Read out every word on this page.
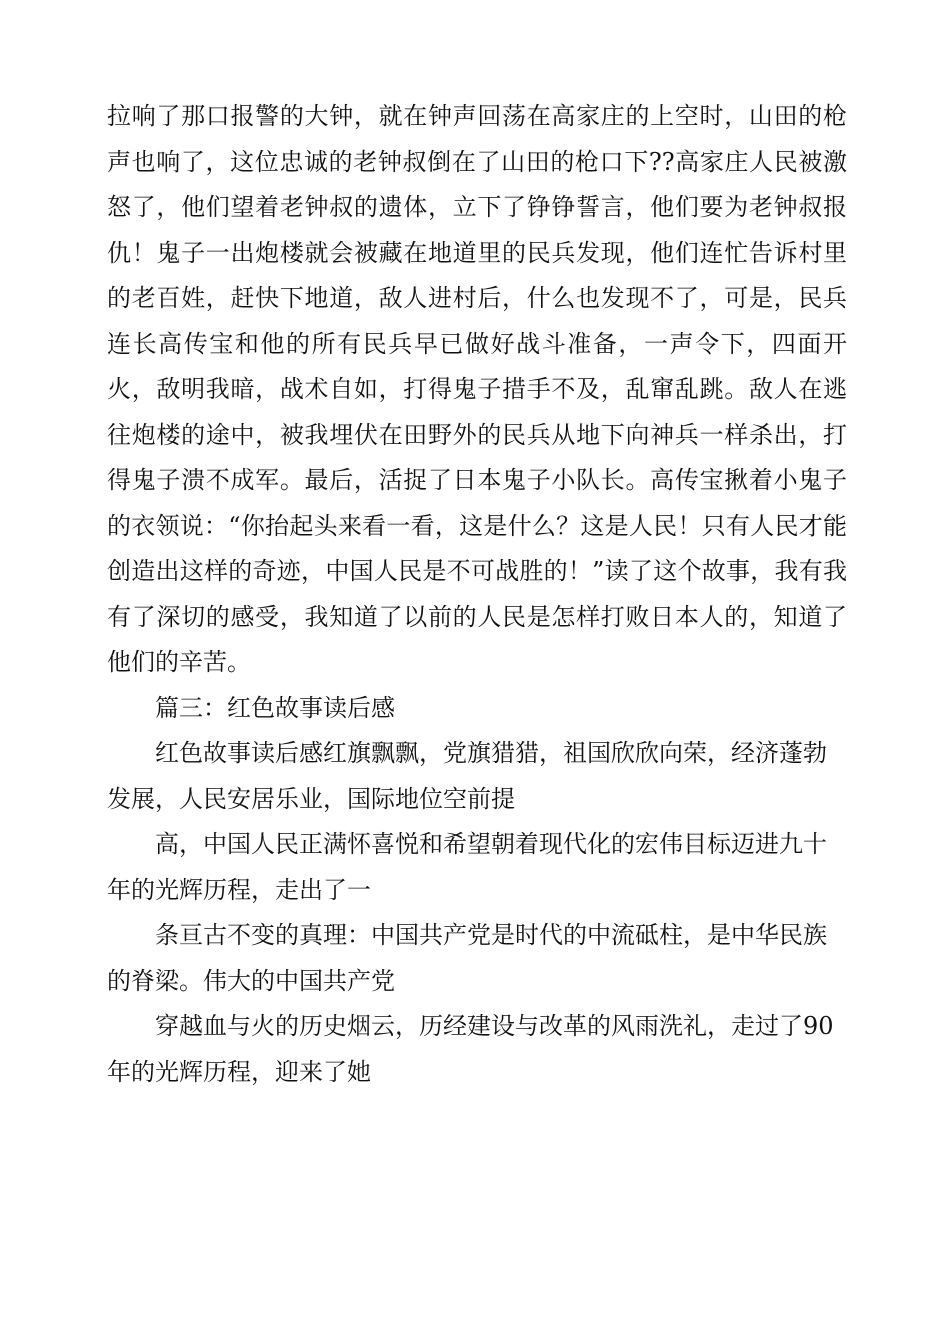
拉响了那口报警的大钟，就在钟声回荡在高家庄的上空时，山田的枪声也响了，这位忠诚的老钟叔倒在了山田的枪口下??高家庄人民被激怒了，他们望着老钟叔的遗体，立下了铮铮誓言，他们要为老钟叔报仇！鬼子一出炮楼就会被藏在地道里的民兵发现，他们连忙告诉村里的老百姓，赶快下地道，敌人进村后，什么也发现不了，可是，民兵连长高传宝和他的所有民兵早已做好战斗准备，一声令下，四面开火，敌明我暗，战术自如，打得鬼子措手不及，乱窜乱跳。敌人在逃往炮楼的途中，被我埋伏在田野外的民兵从地下向神兵一样杀出，打得鬼子溃不成军。最后，活捉了日本鬼子小队长。高传宝揪着小鬼子的衣领说：“你抬起头来看一看，这是什么？这是人民！只有人民才能创造出这样的奇迹，中国人民是不可战胜的！”读了这个故事，我有我有了深切的感受，我知道了以前的人民是怎样打败日本人的，知道了他们的辛苦。

篇三：红色故事读后感

红色故事读后感红旗飘飘，党旗猎猎，祖国欣欣向荣，经济蓬勃发展，人民安居乐业，国际地位空前提

高，中国人民正满怀喜悦和希望朝着现代化的宏伟目标迈进九十年的光辉历程，走出了一

条亘古不变的真理：中国共产党是时代的中流砥柱，是中华民族的脊梁。伟大的中国共产党

穿越血与火的历史烟云，历经建设与改革的风雨洗礼，走过了90年的光辉历程，迎来了她
